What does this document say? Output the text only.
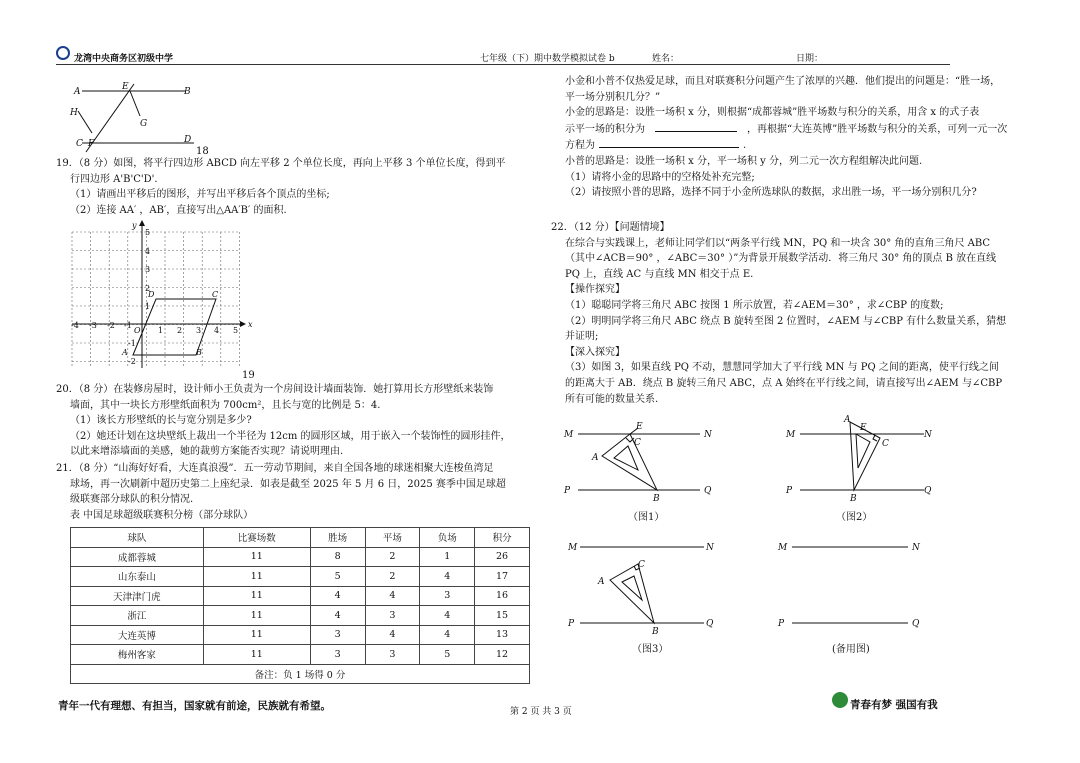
龙湾中央商务区初级中学	七年级（下）期中数学模拟试卷 b	姓名：	日期：
A	E	B
H
G
C F	D
18

19．（8 分）如图，将平行四边形 ABCD 向左平移 2 个单位长度，再向上平移 3 个单位长度，得到平

行四边形 A'B'C'D'.

（1）请画出平移后的图形，并写出平移后各个顶点的坐标;

（2）连接 AA′ ，AB′，直接写出△AA′B′ 的面积.

y
x
O
-4 -3 -2 -1
1 2 3 4 5
5
4
3
2
1
-1
-2
A	B
C
D
19

20．（8 分）在装修房屋时，设计师小王负责为一个房间设计墙面装饰．她打算用长方形壁纸来装饰

墙面，其中一块长方形壁纸面积为 700cm²，且长与宽的比例是 5：4.

（1）该长方形壁纸的长与宽分别是多少?

（2）她还计划在这块壁纸上裁出一个半径为 12cm 的圆形区域，用于嵌入一个装饰性的圆形挂件，

以此来增添墙面的美感，她的裁剪方案能否实现？请说明理由.

21．（8 分）“山海好好看，大连真浪漫”．五一劳动节期间，来自全国各地的球迷相聚大连梭鱼湾足

球场，再一次刷新中超历史第二上座纪录．如表是截至 2025 年 5 月 6 日，2025 赛季中国足球超

级联赛部分球队的积分情况.

表 中国足球超级联赛积分榜（部分球队）

球队	比赛场数	胜场	平场	负场	积分
成都蓉城	11	8	2	1	26
山东泰山	11	5	2	4	17
天津津门虎	11	4	4	3	16
浙江	11	4	3	4	15
大连英博	11	3	4	4	13
梅州客家	11	3	3	5	12
备注：负 1 场得 0 分					

小金和小普不仅热爱足球，而且对联赛积分问题产生了浓厚的兴趣．他们提出的问题是：“胜一场，

平一场分别积几分？”

小金的思路是：设胜一场积 x 分，则根据“成都蓉城”胜平场数与积分的关系，用含 x 的式子表

示平一场的积分为	，再根据“大连英博”胜平场数与积分的关系，可列一元一次

方程为	.

小普的思路是：设胜一场积 x 分，平一场积 y 分，列二元一次方程组解决此问题.

（1）请将小金的思路中的空格处补充完整;

（2）请按照小普的思路，选择不同于小金所选球队的数据，求出胜一场，平一场分别积几分?

22．（12 分）【问题情境】

在综合与实践课上，老师让同学们以“两条平行线 MN，PQ 和一块含 30° 角的直角三角尺 ABC

（其中∠ACB＝90° ，∠ABC＝30° ）”为背景开展数学活动．将三角尺 30° 角的顶点 B 放在直线

PQ 上，直线 AC 与直线 MN 相交于点 E.

【操作探究】

（1）聪聪同学将三角尺 ABC 按图 1 所示放置，若∠AEM＝30° ，求∠CBP 的度数;

（2）明明同学将三角尺 ABC 绕点 B 旋转至图 2 位置时，∠AEM 与∠CBP 有什么数量关系，猜想

并证明;

【深入探究】

（3）如图 3，如果直线 PQ 不动，慧慧同学加大了平行线 MN 与 PQ 之间的距离，使平行线之间

的距离大于 AB．绕点 B 旋转三角尺 ABC，点 A 始终在平行线之间，请直接写出∠AEM 与∠CBP

所有可能的数量关系.

M	N
E
C
A
P
B
Q
（图1）
A
E
M	N
C
P
B
Q
（图2）
M	N
C
A
P
B
Q
（图3）
M	N
P	Q
(备用图)
青年一代有理想、有担当，国家就有前途，民族就有希望。	第 2 页 共 3 页
青春有梦 强国有我
